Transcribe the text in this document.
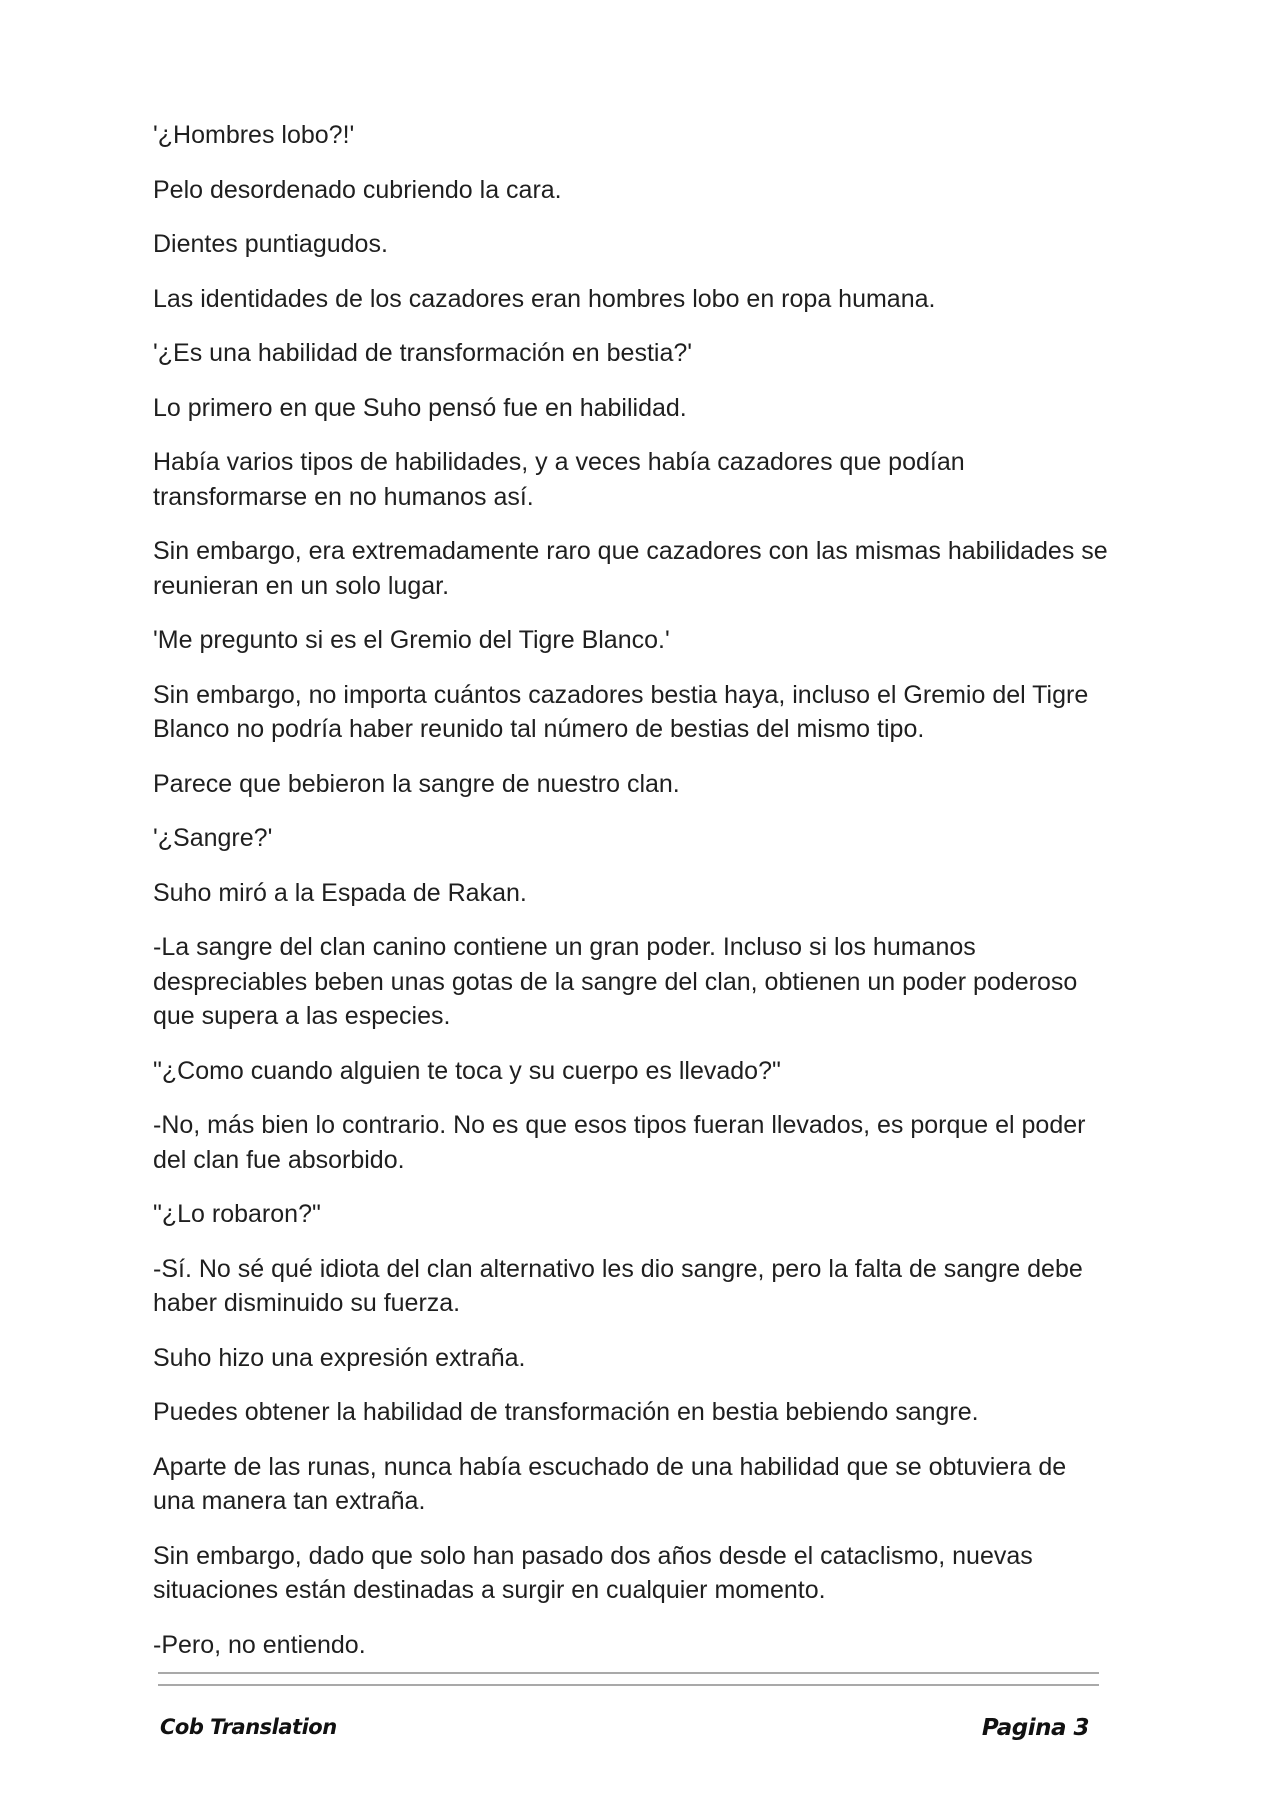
'¿Hombres lobo?!'

Pelo desordenado cubriendo la cara.

Dientes puntiagudos.

Las identidades de los cazadores eran hombres lobo en ropa humana.

'¿Es una habilidad de transformación en bestia?'

Lo primero en que Suho pensó fue en habilidad.

Había varios tipos de habilidades, y a veces había cazadores que podían transformarse en no humanos así.

Sin embargo, era extremadamente raro que cazadores con las mismas habilidades se reunieran en un solo lugar.

'Me pregunto si es el Gremio del Tigre Blanco.'

Sin embargo, no importa cuántos cazadores bestia haya, incluso el Gremio del Tigre Blanco no podría haber reunido tal número de bestias del mismo tipo.

Parece que bebieron la sangre de nuestro clan.

'¿Sangre?'

Suho miró a la Espada de Rakan.

-La sangre del clan canino contiene un gran poder. Incluso si los humanos despreciables beben unas gotas de la sangre del clan, obtienen un poder poderoso que supera a las especies.

"¿Como cuando alguien te toca y su cuerpo es llevado?"

-No, más bien lo contrario. No es que esos tipos fueran llevados, es porque el poder del clan fue absorbido.

"¿Lo robaron?"

-Sí. No sé qué idiota del clan alternativo les dio sangre, pero la falta de sangre debe haber disminuido su fuerza.

Suho hizo una expresión extraña.

Puedes obtener la habilidad de transformación en bestia bebiendo sangre.

Aparte de las runas, nunca había escuchado de una habilidad que se obtuviera de una manera tan extraña.

Sin embargo, dado que solo han pasado dos años desde el cataclismo, nuevas situaciones están destinadas a surgir en cualquier momento.

-Pero, no entiendo.

Cob Translation	Pagina 3
